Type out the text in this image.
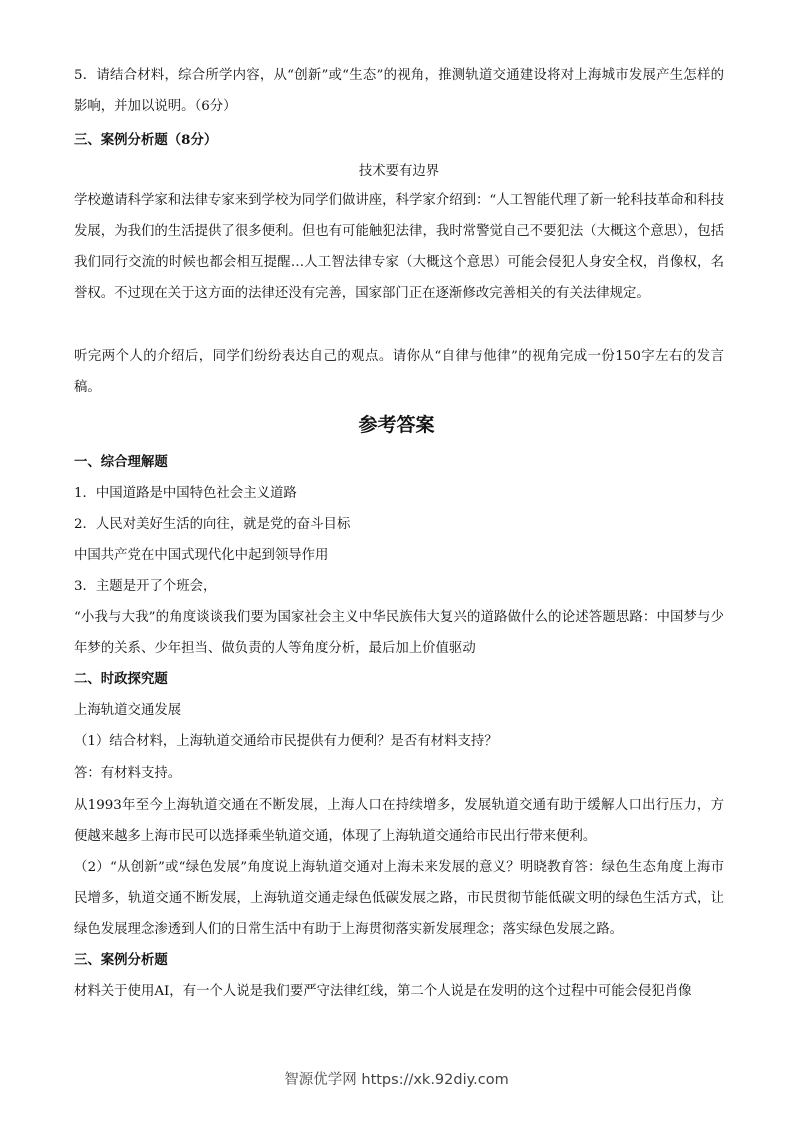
5．请结合材料，综合所学内容，从“创新”或“生态”的视角，推测轨道交通建设将对上海城市发展产生怎样的影响，并加以说明。（6分）

三、案例分析题（8分）

技术要有边界

学校邀请科学家和法律专家来到学校为同学们做讲座，科学家介绍到：“人工智能代理了新一轮科技革命和科技发展，为我们的生活提供了很多便利。但也有可能触犯法律，我时常警觉自己不要犯法（大概这个意思），包括我们同行交流的时候也都会相互提醒…人工智法律专家（大概这个意思）可能会侵犯人身安全权，肖像权，名誉权。不过现在关于这方面的法律还没有完善，国家部门正在逐渐修改完善相关的有关法律规定。

听完两个人的介绍后，同学们纷纷表达自己的观点。请你从“自律与他律”的视角完成一份150字左右的发言稿。

参考答案

一、综合理解题

1．中国道路是中国特色社会主义道路

2．人民对美好生活的向往，就是党的奋斗目标

中国共产党在中国式现代化中起到领导作用

3．主题是开了个班会，

“小我与大我”的角度谈谈我们要为国家社会主义中华民族伟大复兴的道路做什么的论述答题思路：中国梦与少年梦的关系、少年担当、做负责的人等角度分析，最后加上价值驱动

二、时政探究题

上海轨道交通发展

（1）结合材料，上海轨道交通给市民提供有力便利？是否有材料支持？

答：有材料支持。

从1993年至今上海轨道交通在不断发展，上海人口在持续增多，发展轨道交通有助于缓解人口出行压力，方便越来越多上海市民可以选择乘坐轨道交通，体现了上海轨道交通给市民出行带来便利。

（2）“从创新”或“绿色发展”角度说上海轨道交通对上海未来发展的意义？明晓教育答：绿色生态角度上海市民增多，轨道交通不断发展，上海轨道交通走绿色低碳发展之路，市民贯彻节能低碳文明的绿色生活方式，让绿色发展理念渗透到人们的日常生活中有助于上海贯彻落实新发展理念；落实绿色发展之路。

三、案例分析题

材料关于使用AI，有一个人说是我们要严守法律红线，第二个人说是在发明的这个过程中可能会侵犯肖像

智源优学网 https://xk.92diy.com
